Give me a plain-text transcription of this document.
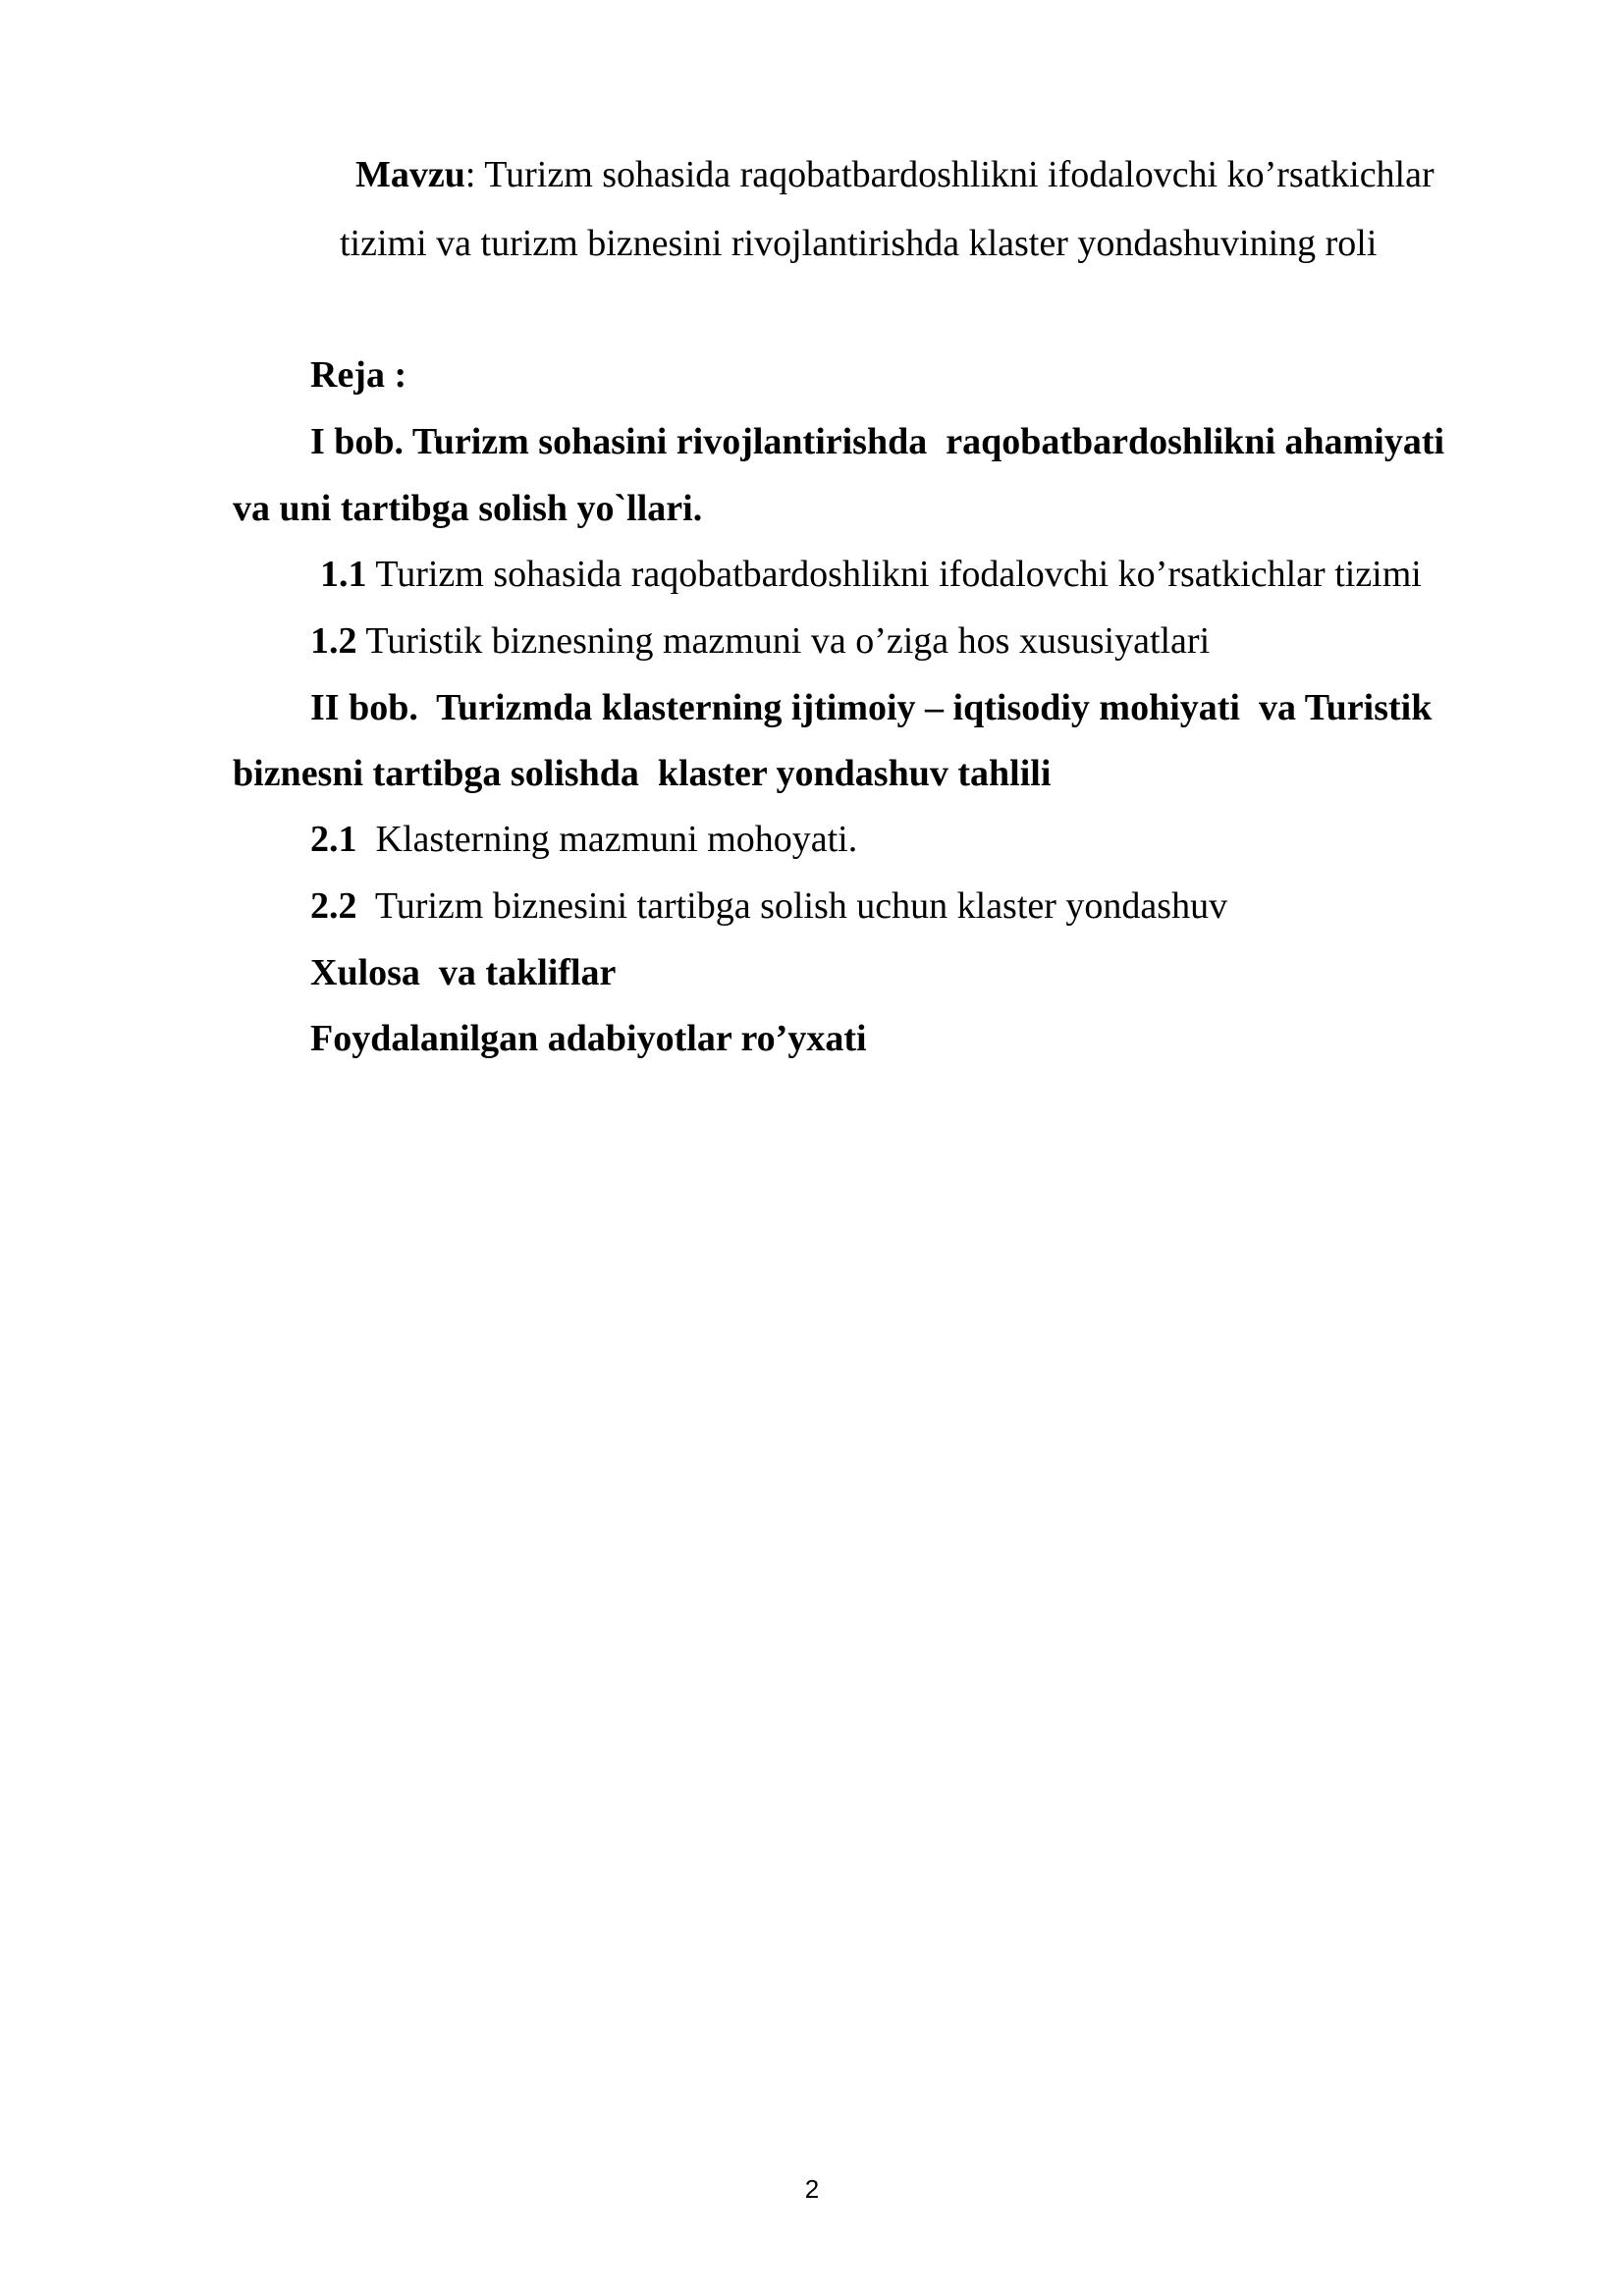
Mavzu: Turizm sohasida raqobatbardoshlikni ifodalovchi ko’rsatkichlar

tizimi va turizm biznesini rivojlantirishda klaster yondashuvining roli

Reja :

I bob. Turizm sohasini rivojlantirishda  raqobatbardoshlikni ahamiyati

va uni tartibga solish yo`llari.

1.1 Turizm sohasida raqobatbardoshlikni ifodalovchi ko’rsatkichlar tizimi

1.2 Turistik biznesning mazmuni va o’ziga hos xususiyatlari

II bob.  Turizmda klasterning ijtimoiy – iqtisodiy mohiyati  va Turistik

biznesni tartibga solishda  klaster yondashuv tahlili

2.1  Klasterning mazmuni mohoyati.

2.2  Turizm biznesini tartibga solish uchun klaster yondashuv

Xulosa  va takliflar

Foydalanilgan adabiyotlar ro’yxati

2
